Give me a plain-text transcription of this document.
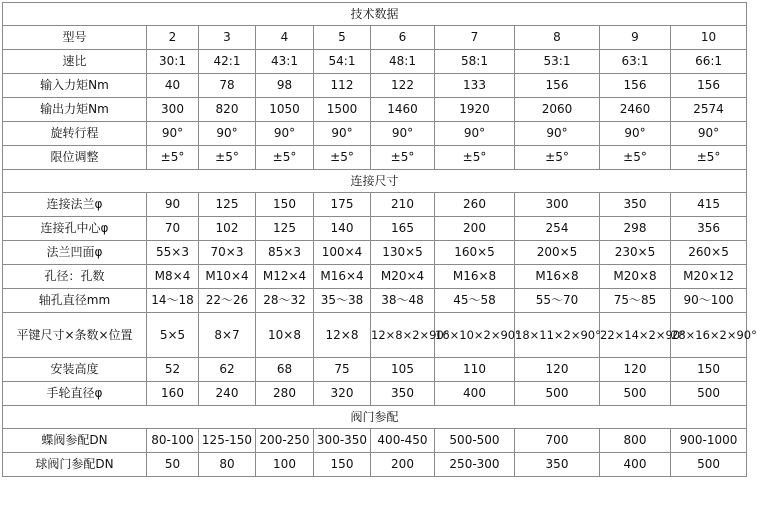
技术数据									
型号	2	3	4	5	6	7	8	9	10
速比	30:1	42:1	43:1	54:1	48:1	58:1	53:1	63:1	66:1
输入力矩Nm	40	78	98	112	122	133	156	156	156
输出力矩Nm	300	820	1050	1500	1460	1920	2060	2460	2574
旋转行程	90°	90°	90°	90°	90°	90°	90°	90°	90°
限位调整	±5°	±5°	±5°	±5°	±5°	±5°	±5°	±5°	±5°
连接尺寸									
连接法兰φ	90	125	150	175	210	260	300	350	415
连接孔中心φ	70	102	125	140	165	200	254	298	356
法兰凹面φ	55×3	70×3	85×3	100×4	130×5	160×5	200×5	230×5	260×5
孔径：孔数	M8×4	M10×4	M12×4	M16×4	M20×4	M16×8	M16×8	M20×8	M20×12
轴孔直径mm	14～18	22～26	28～32	35～38	38～48	45～58	55～70	75～85	90～100
平键尺寸×条数×位置	5×5	8×7	10×8	12×8	12×8×2×90°	16×10×2×90°	18×11×2×90°	22×14×2×90°	28×16×2×90°
安装高度	52	62	68	75	105	110	120	120	150
手轮直径φ	160	240	280	320	350	400	500	500	500
阀门参配									
蝶阀参配DN	80-100	125-150	200-250	300-350	400-450	500-500	700	800	900-1000
球阀门参配DN	50	80	100	150	200	250-300	350	400	500
